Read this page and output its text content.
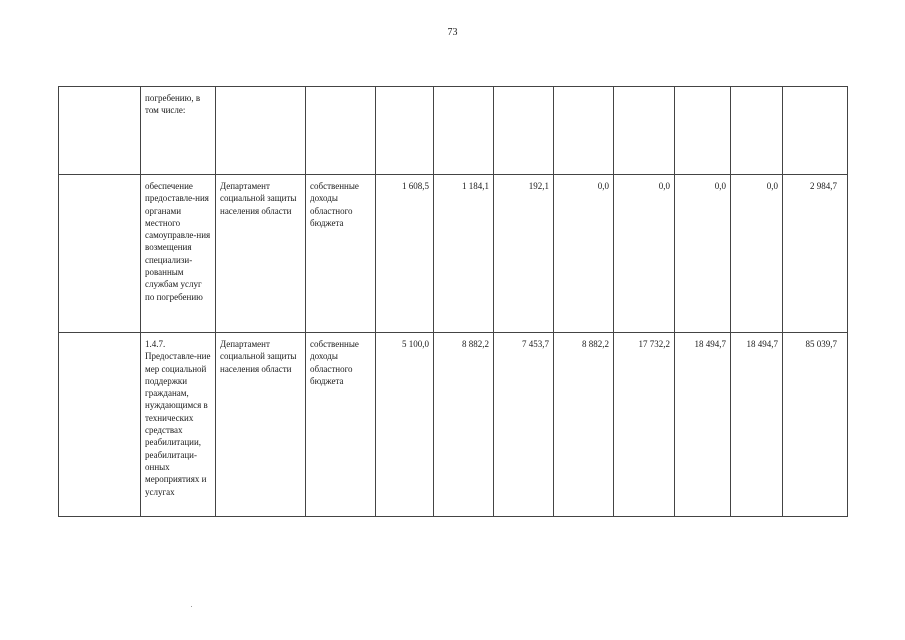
73
	погребению, в том числе:										
	обеспечение предоставле-ния органами местного самоуправле-ния возмещения специализи-рованным службам услуг по погребению	Департамент социальной защиты населения области	собственные доходы областного бюджета	1 608,5	1 184,1	192,1	0,0	0,0	0,0	0,0	2 984,7
	1.4.7. Предоставле-ние мер социальной поддержки гражданам, нуждающимся в технических средствах реабилитации, реабилитаци-онных мероприятиях и услугах	Департамент социальной защиты населения области	собственные доходы областного бюджета	5 100,0	8 882,2	7 453,7	8 882,2	17 732,2	18 494,7	18 494,7	85 039,7
